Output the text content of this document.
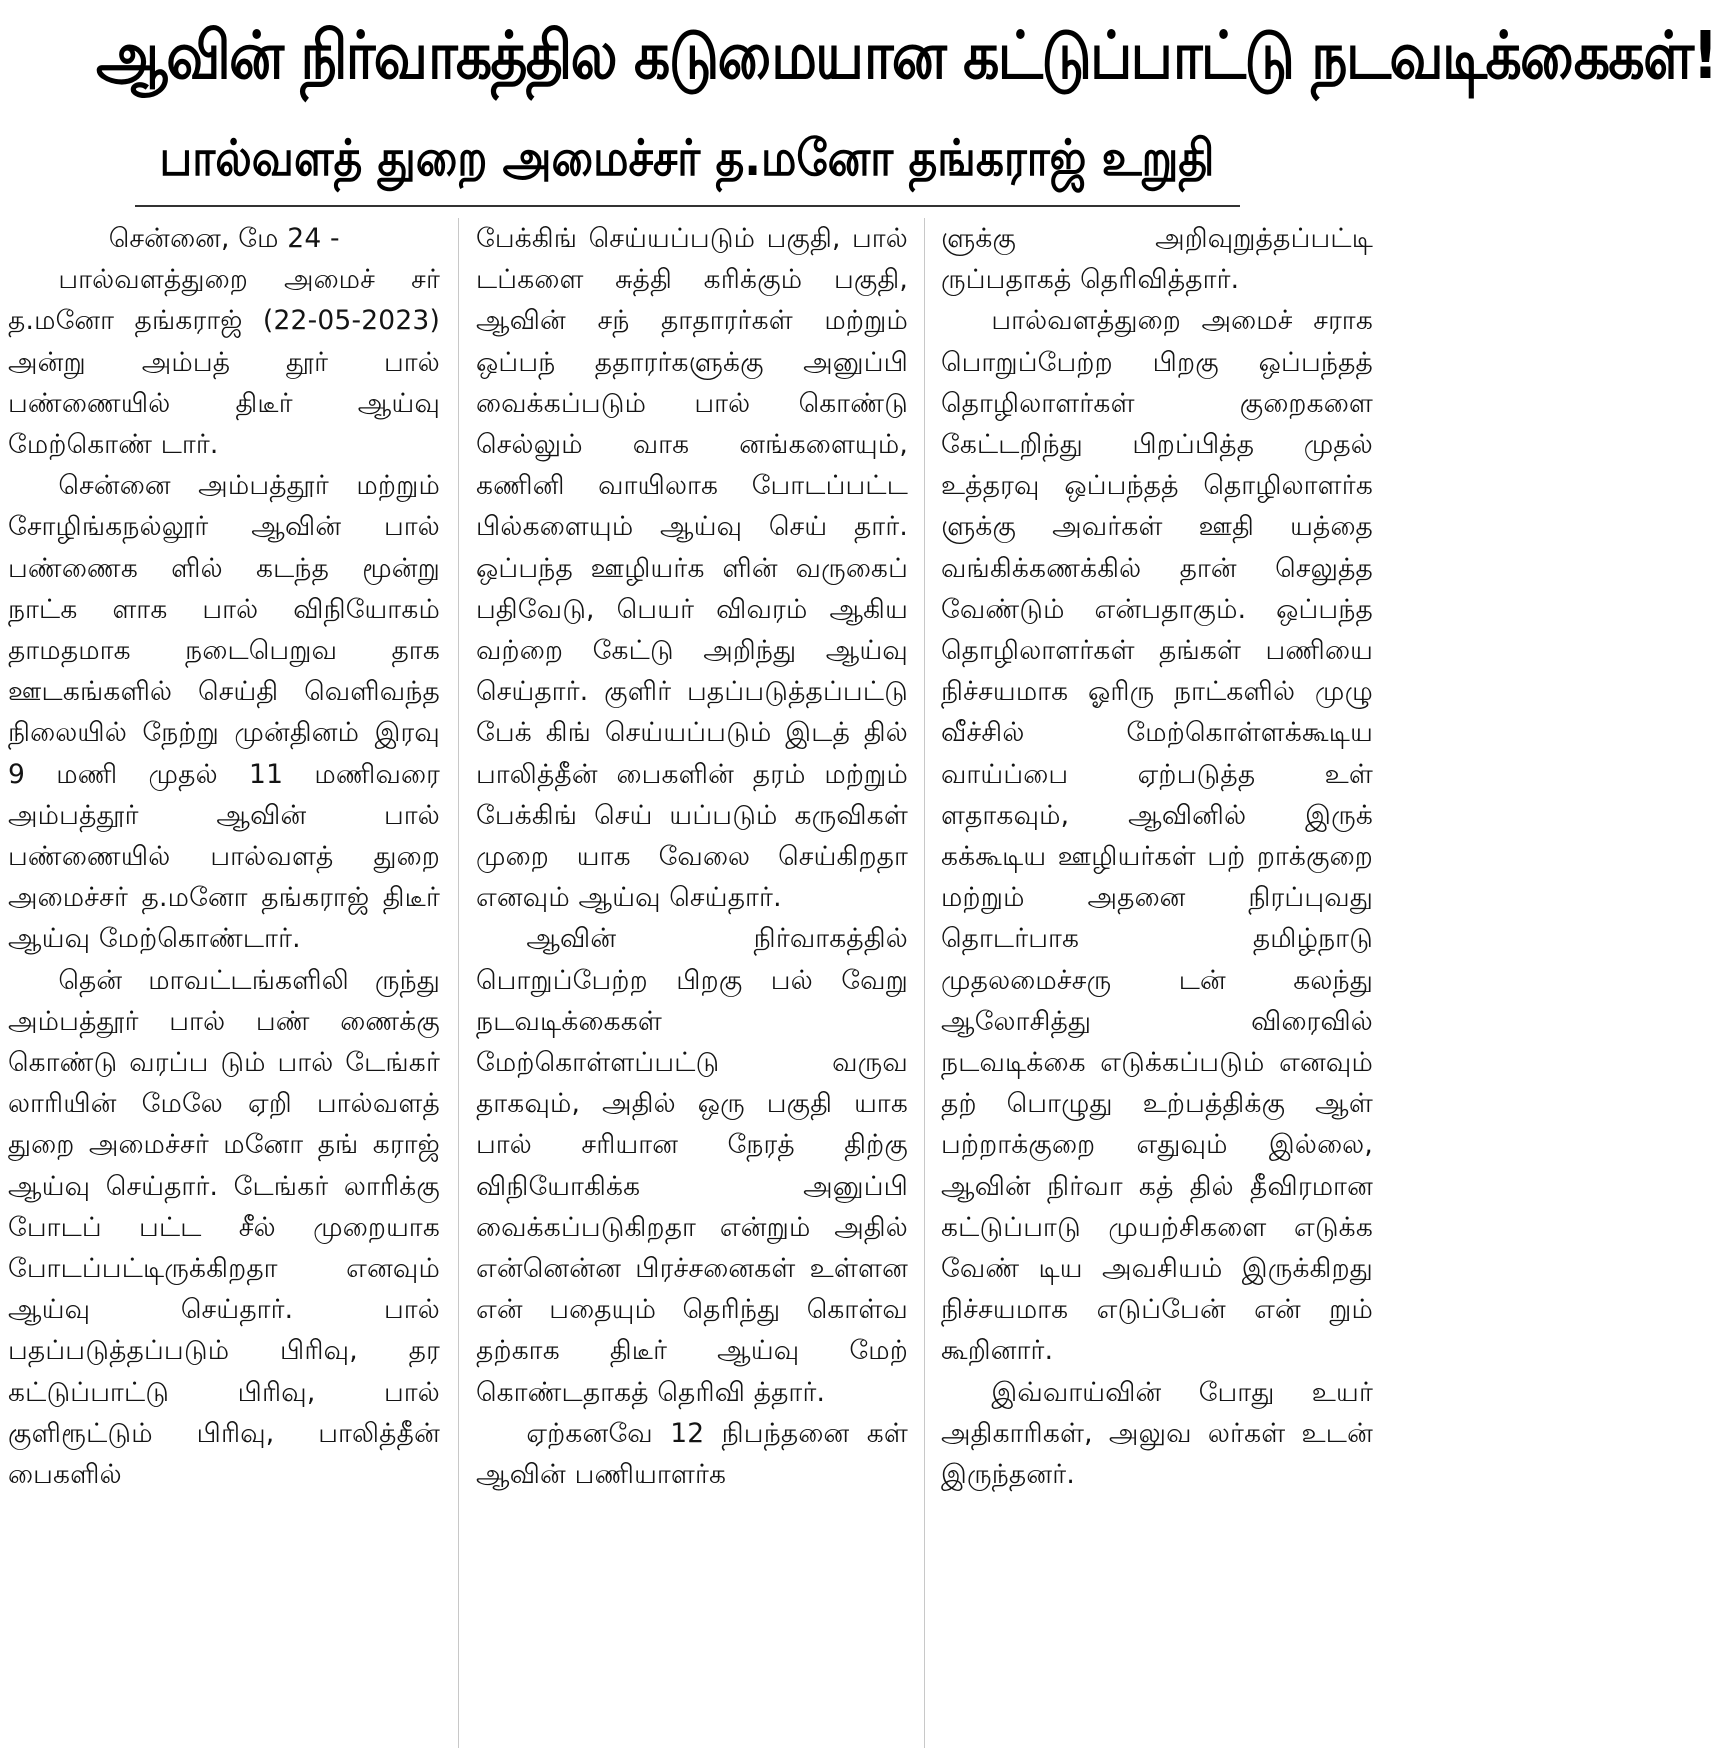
ஆவின் நிர்வாகத்தில கடுமையான கட்டுப்பாட்டு நடவடிக்கைகள்!
பால்வளத் துறை அமைச்சர் த.மனோ தங்கராஜ் உறுதி

சென்னை, மே 24 -

பால்வளத்துறை அமைச் சர் த.மனோ தங்கராஜ் (22-05-2023) அன்று அம்பத் தூர் பால் பண்ணையில் திடீர் ஆய்வு மேற்கொண் டார்.

சென்னை அம்பத்தூர் மற்றும் சோழிங்கநல்லூர் ஆவின் பால் பண்ணைக ளில் கடந்த மூன்று நாட்க ளாக பால் விநியோகம் தாமதமாக நடைபெறுவ தாக ஊடகங்களில் செய்தி வெளிவந்த நிலையில் நேற்று முன்தினம் இரவு 9 மணி முதல் 11 மணிவரை அம்பத்தூர் ஆவின் பால் பண்ணையில் பால்வளத் துறை அமைச்சர் த.மனோ தங்கராஜ் திடீர் ஆய்வு மேற்கொண்டார்.

தென் மாவட்டங்களிலி ருந்து அம்பத்தூர் பால் பண் ணைக்கு கொண்டு வரப்ப டும் பால் டேங்கர் லாரியின் மேலே ஏறி பால்வளத் துறை அமைச்சர் மனோ தங் கராஜ் ஆய்வு செய்தார். டேங்கர் லாரிக்கு போடப் பட்ட சீல் முறையாக போடப்பட்டிருக்கிறதா எனவும் ஆய்வு செய்தார். பால் பதப்படுத்தப்படும் பிரிவு, தர கட்டுப்பாட்டு பிரிவு, பால் குளிரூட்டும் பிரிவு, பாலித்தீன் பைகளில்

பேக்கிங் செய்யப்படும் பகுதி, பால் டப்களை சுத்தி கரிக்கும் பகுதி, ஆவின் சந் தாதாரர்கள் மற்றும் ஒப்பந் ததாரர்களுக்கு அனுப்பி வைக்கப்படும் பால் கொண்டு செல்லும் வாக னங்களையும், கணினி வாயிலாக போடப்பட்ட பில்களையும் ஆய்வு செய் தார். ஒப்பந்த ஊழியர்க ளின் வருகைப் பதிவேடு, பெயர் விவரம் ஆகிய வற்றை கேட்டு அறிந்து ஆய்வு செய்தார். குளிர் பதப்படுத்தப்பட்டு பேக் கிங் செய்யப்படும் இடத் தில் பாலித்தீன் பைகளின் தரம் மற்றும் பேக்கிங் செய் யப்படும் கருவிகள் முறை யாக வேலை செய்கிறதா எனவும் ஆய்வு செய்தார்.

ஆவின் நிர்வாகத்தில் பொறுப்பேற்ற பிறகு பல் வேறு நடவடிக்கைகள் மேற்கொள்ளப்பட்டு வருவ தாகவும், அதில் ஒரு பகுதி யாக பால் சரியான நேரத் திற்கு விநியோகிக்க அனுப்பி வைக்கப்படுகிறதா என்றும் அதில் என்னென்ன பிரச்சனைகள் உள்ளன என் பதையும் தெரிந்து கொள்வ தற்காக திடீர் ஆய்வு மேற் கொண்டதாகத் தெரிவி த்தார்.

ஏற்கனவே 12 நிபந்தனை கள் ஆவின் பணியாளர்க

ளுக்கு அறிவுறுத்தப்பட்டி ருப்பதாகத் தெரிவித்தார்.

பால்வளத்துறை அமைச் சராக பொறுப்பேற்ற பிறகு ஒப்பந்தத் தொழிலாளர்கள் குறைகளை கேட்டறிந்து பிறப்பித்த முதல் உத்தரவு ஒப்பந்தத் தொழிலாளர்க ளுக்கு அவர்கள் ஊதி யத்தை வங்கிக்கணக்கில் தான் செலுத்த வேண்டும் என்பதாகும். ஒப்பந்த தொழிலாளர்கள் தங்கள் பணியை நிச்சயமாக ஓரிரு நாட்களில் முழு வீச்சில் மேற்கொள்ளக்கூடிய வாய்ப்பை ஏற்படுத்த உள் ளதாகவும், ஆவினில் இருக் கக்கூடிய ஊழியர்கள் பற் றாக்குறை மற்றும் அதனை நிரப்புவது தொடர்பாக தமிழ்நாடு முதலமைச்சரு டன் கலந்து ஆலோசித்து விரைவில் நடவடிக்கை எடுக்கப்படும் எனவும் தற் பொழுது உற்பத்திக்கு ஆள் பற்றாக்குறை எதுவும் இல்லை, ஆவின் நிர்வா கத் தில் தீவிரமான கட்டுப்பாடு முயற்சிகளை எடுக்க வேண் டிய அவசியம் இருக்கிறது நிச்சயமாக எடுப்பேன் என் றும் கூறினார்.

இவ்வாய்வின் போது உயர் அதிகாரிகள், அலுவ லர்கள் உடன் இருந்தனர்.
